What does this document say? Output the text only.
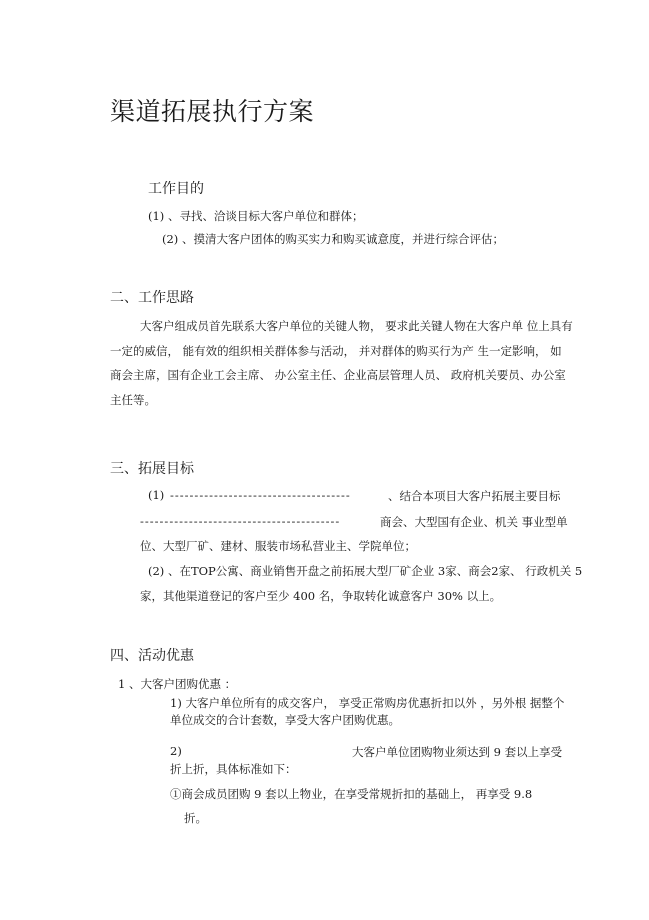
渠道拓展执行方案
工作目的
(1) 、寻找、洽谈目标大客户单位和群体；
(2) 、摸清大客户团体的购买实力和购买诚意度，并进行综合评估；
二、工作思路
大客户组成员首先联系大客户单位的关键人物， 要求此关键人物在大客户单 位上具有
一定的威信， 能有效的组织相关群体参与活动， 并对群体的购买行为产 生一定影响， 如
商会主席，国有企业工会主席、 办公室主任、企业高层管理人员、 政府机关要员、办公室
主任等。
三、拓展目标
(1) -------------------------------------	、结合本项目大客户拓展主要目标
-----------------------------------------	商会、大型国有企业、机关 事业型单
位、大型厂矿、建材、服装市场私营业主、学院单位；
(2) 、在TOP公寓、商业销售开盘之前拓展大型厂矿企业 3家、商会2家、 行政机关 5
家，其他渠道登记的客户至少 400 名，争取转化诚意客户 30% 以上。
四、活动优惠
1 、大客户团购优惠 ：
1) 大客户单位所有的成交客户， 享受正常购房优惠折扣以外 ，另外根 据整个
单位成交的合计套数，享受大客户团购优惠。
2)	大客户单位团购物业须达到 9 套以上享受
折上折，具体标准如下：
①商会成员团购 9 套以上物业，在享受常规折扣的基础上， 再享受 9.8
折。
